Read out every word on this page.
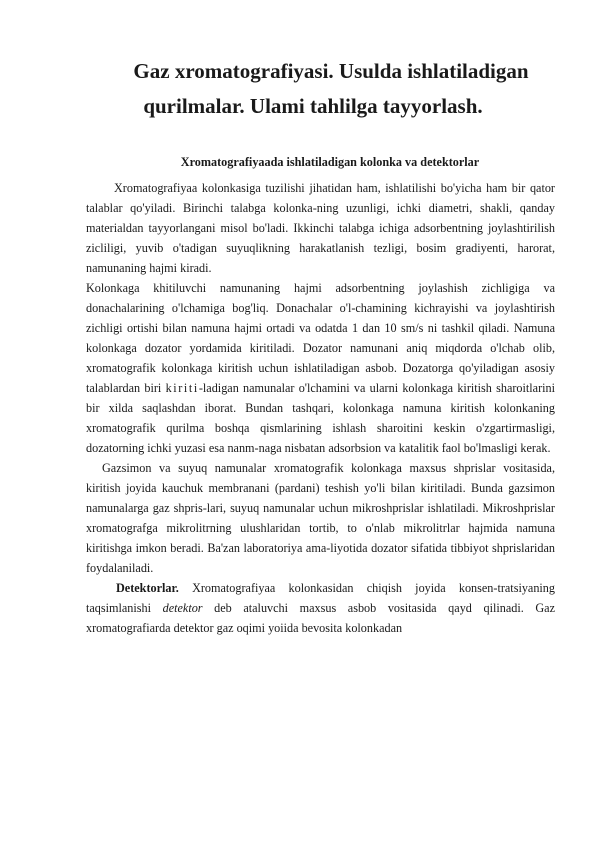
Gaz xromatografiyasi. Usulda ishlatiladigan
qurilmalar. Ulami tahlilga tayyorlash.
Xromatografiyaada ishlatiladigan kolonka va detektorlar

Xromatografiyaa kolonkasiga tuzilishi jihatidan ham, ishlatilishi bo'yicha ham bir qator talablar qo'yiladi. Birinchi talabga kolonka-ning uzunligi, ichki diametri, shakli, qanday materialdan tayyorlangani misol bo'ladi. Ikkinchi talabga ichiga adsorbentning joylashtirilish zicliligi, yuvib o'tadigan suyuqlikning harakatlanish tezligi, bosim gradiyenti, harorat, namunaning hajmi kiradi.

Kolonkaga khitiluvchi namunaning hajmi adsorbentning joylashish zichligiga va donachalarining o'lchamiga bog'liq. Donachalar o'l-chamining kichrayishi va joylashtirish zichligi ortishi bilan namuna hajmi ortadi va odatda 1 dan 10 sm/s ni tashkil qiladi. Namuna kolonkaga dozator yordamida kiritiladi. Dozator namunani aniq miqdorda o'lchab olib, xromatografik kolonkaga kiritish uchun ishlatiladigan asbob. Dozatorga qo'yiladigan asosiy talablardan biri kiriti-ladigan namunalar o'lchamini va ularni kolonkaga kiritish sharoitlarini bir xilda saqlashdan iborat. Bundan tashqari, kolonkaga namuna kiritish kolonkaning xromatografik qurilma boshqa qismlarining ishlash sharoitini keskin o'zgartirmasligi, dozatorning ichki yuzasi esa nanm-naga nisbatan adsorbsion va katalitik faol bo'lmasligi kerak.

Gazsimon va suyuq namunalar xromatografik kolonkaga maxsus shprislar vositasida, kiritish joyida kauchuk membranani (pardani) teshish yo'li bilan kiritiladi. Bunda gazsimon namunalarga gaz shpris-lari, suyuq namunalar uchun mikroshprislar ishlatiladi. Mikroshprislar xromatografga mikrolitrning ulushlaridan tortib, to o'nlab mikrolitrlar hajmida namuna kiritishga imkon beradi. Ba'zan laboratoriya ama-liyotida dozator sifatida tibbiyot shprislaridan foydalaniladi.

Detektorlar. Xromatografiyaa kolonkasidan chiqish joyida konsen-tratsiyaning taqsimlanishi detektor deb ataluvchi maxsus asbob vositasida qayd qilinadi. Gaz xromatografiarda detektor gaz oqimi yoiida bevosita kolonkadan
